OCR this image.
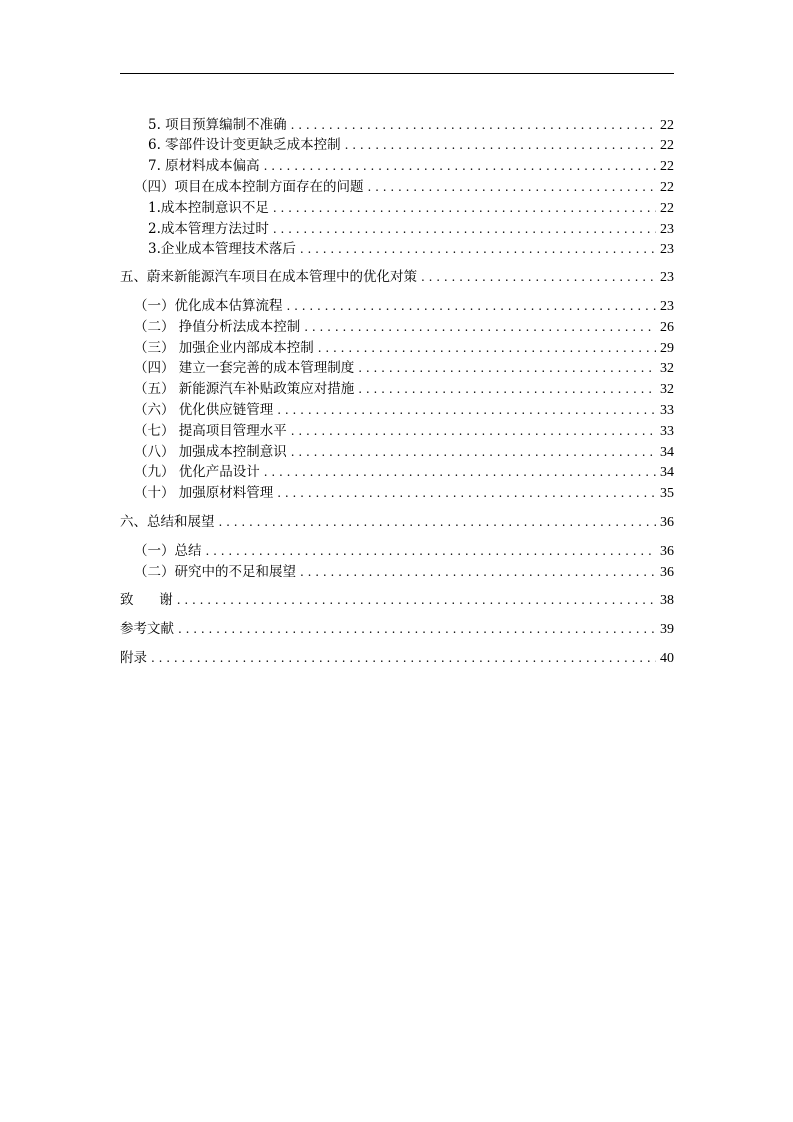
5. 项目预算编制不准确 . . .	22
6. 零部件设计变更缺乏成本控制 . . .	22
7. 原材料成本偏高 . . .	22
（四）项目在成本控制方面存在的问题 . . .	22
1.成本控制意识不足 . . .	22
2.成本管理方法过时 . . .	23
3.企业成本管理技术落后 . . .	23
五、蔚来新能源汽车项目在成本管理中的优化对策 . . .	23
（一）优化成本估算流程 . . .	23
（二） 挣值分析法成本控制 . . .	26
（三） 加强企业内部成本控制 . . .	29
（四） 建立一套完善的成本管理制度 . . .	32
（五） 新能源汽车补贴政策应对措施 . . .	32
（六） 优化供应链管理 . . .	33
（七） 提高项目管理水平 . . .	33
（八） 加强成本控制意识 . . .	34
（九） 优化产品设计 . . .	34
（十） 加强原材料管理 . . .	35
六、总结和展望 . . .	36
（一）总结 . . .	36
（二）研究中的不足和展望 . . .	36
致      谢 . . .	38
参考文献 . . .	39
附录 . . .	40
